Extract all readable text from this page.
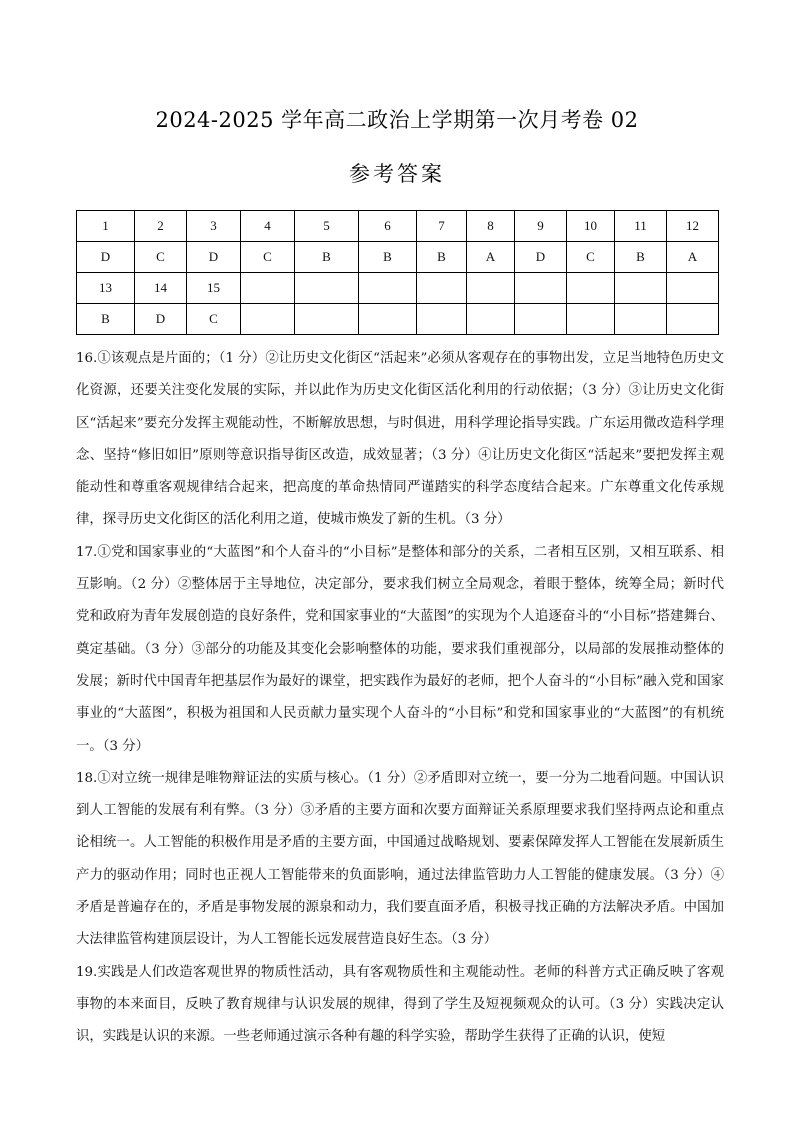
2024-2025 学年高二政治上学期第一次月考卷 02
参考答案
1	2	3	4	5	6	7	8	9	10	11	12
D	C	D	C	B	B	B	A	D	C	B	A
13	14	15									
B	D	C									

16.①该观点是片面的；（1 分）②让历史文化街区“活起来”必须从客观存在的事物出发，立足当地特色历史文化资源，还要关注变化发展的实际，并以此作为历史文化街区活化利用的行动依据；（3 分）③让历史文化街区“活起来”要充分发挥主观能动性，不断解放思想，与时俱进，用科学理论指导实践。广东运用微改造科学理念、坚持“修旧如旧”原则等意识指导街区改造，成效显著；（3 分）④让历史文化街区“活起来”要把发挥主观能动性和尊重客观规律结合起来，把高度的革命热情同严谨踏实的科学态度结合起来。广东尊重文化传承规律，探寻历史文化街区的活化利用之道，使城市焕发了新的生机。（3 分）

17.①党和国家事业的“大蓝图”和个人奋斗的“小目标”是整体和部分的关系，二者相互区别，又相互联系、相互影响。（2 分）②整体居于主导地位，决定部分，要求我们树立全局观念，着眼于整体，统筹全局；新时代党和政府为青年发展创造的良好条件，党和国家事业的“大蓝图”的实现为个人追逐奋斗的“小目标”搭建舞台、奠定基础。（3 分）③部分的功能及其变化会影响整体的功能，要求我们重视部分，以局部的发展推动整体的发展；新时代中国青年把基层作为最好的课堂，把实践作为最好的老师，把个人奋斗的“小目标”融入党和国家事业的“大蓝图”，积极为祖国和人民贡献力量实现个人奋斗的“小目标”和党和国家事业的“大蓝图”的有机统一。（3 分）

18.①对立统一规律是唯物辩证法的实质与核心。（1 分）②矛盾即对立统一，要一分为二地看问题。中国认识到人工智能的发展有利有弊。（3 分）③矛盾的主要方面和次要方面辩证关系原理要求我们坚持两点论和重点论相统一。人工智能的积极作用是矛盾的主要方面，中国通过战略规划、要素保障发挥人工智能在发展新质生产力的驱动作用；同时也正视人工智能带来的负面影响，通过法律监管助力人工智能的健康发展。（3 分）④矛盾是普遍存在的，矛盾是事物发展的源泉和动力，我们要直面矛盾，积极寻找正确的方法解决矛盾。中国加大法律监管构建顶层设计，为人工智能长远发展营造良好生态。（3 分）

19.实践是人们改造客观世界的物质性活动，具有客观物质性和主观能动性。老师的科普方式正确反映了客观事物的本来面目，反映了教育规律与认识发展的规律，得到了学生及短视频观众的认可。（3 分）实践决定认识，实践是认识的来源。一些老师通过演示各种有趣的科学实验，帮助学生获得了正确的认识，使短
